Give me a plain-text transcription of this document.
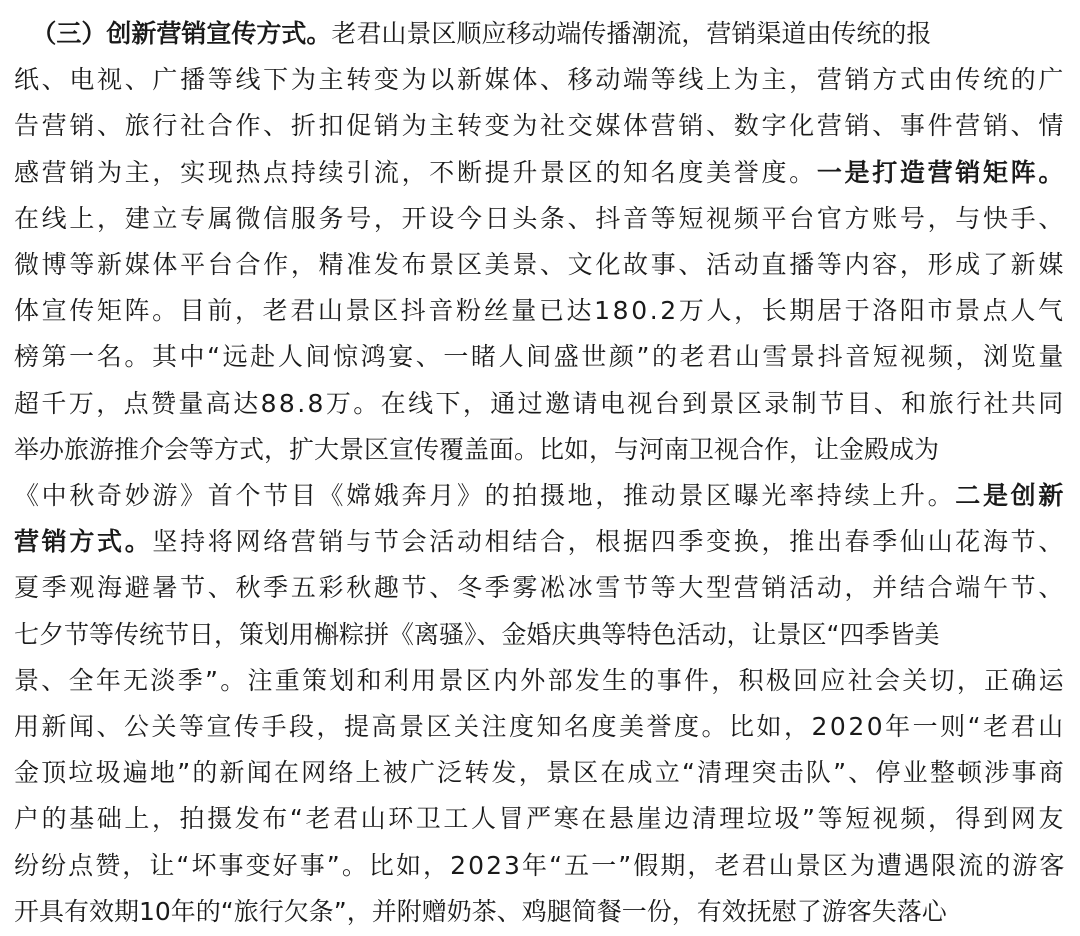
（三）创新营销宣传方式。老君山景区顺应移动端传播潮流，营销渠道由传统的报
纸、电视、广播等线下为主转变为以新媒体、移动端等线上为主，营销方式由传统的广
告营销、旅行社合作、折扣促销为主转变为社交媒体营销、数字化营销、事件营销、情
感营销为主，实现热点持续引流，不断提升景区的知名度美誉度。一是打造营销矩阵。
在线上，建立专属微信服务号，开设今日头条、抖音等短视频平台官方账号，与快手、
微博等新媒体平台合作，精准发布景区美景、文化故事、活动直播等内容，形成了新媒
体宣传矩阵。目前，老君山景区抖音粉丝量已达180.2万人，长期居于洛阳市景点人气
榜第一名。其中“远赴人间惊鸿宴、一睹人间盛世颜”的老君山雪景抖音短视频，浏览量
超千万，点赞量高达88.8万。在线下，通过邀请电视台到景区录制节目、和旅行社共同
举办旅游推介会等方式，扩大景区宣传覆盖面。比如，与河南卫视合作，让金殿成为
《中秋奇妙游》首个节目《嫦娥奔月》的拍摄地，推动景区曝光率持续上升。二是创新
营销方式。坚持将网络营销与节会活动相结合，根据四季变换，推出春季仙山花海节、
夏季观海避暑节、秋季五彩秋趣节、冬季雾凇冰雪节等大型营销活动，并结合端午节、
七夕节等传统节日，策划用槲粽拼《离骚》、金婚庆典等特色活动，让景区“四季皆美
景、全年无淡季”。注重策划和利用景区内外部发生的事件，积极回应社会关切，正确运
用新闻、公关等宣传手段，提高景区关注度知名度美誉度。比如，2020年一则“老君山
金顶垃圾遍地”的新闻在网络上被广泛转发，景区在成立“清理突击队”、停业整顿涉事商
户的基础上，拍摄发布“老君山环卫工人冒严寒在悬崖边清理垃圾”等短视频，得到网友
纷纷点赞，让“坏事变好事”。比如，2023年“五一”假期，老君山景区为遭遇限流的游客
开具有效期10年的“旅行欠条”，并附赠奶茶、鸡腿简餐一份，有效抚慰了游客失落心
